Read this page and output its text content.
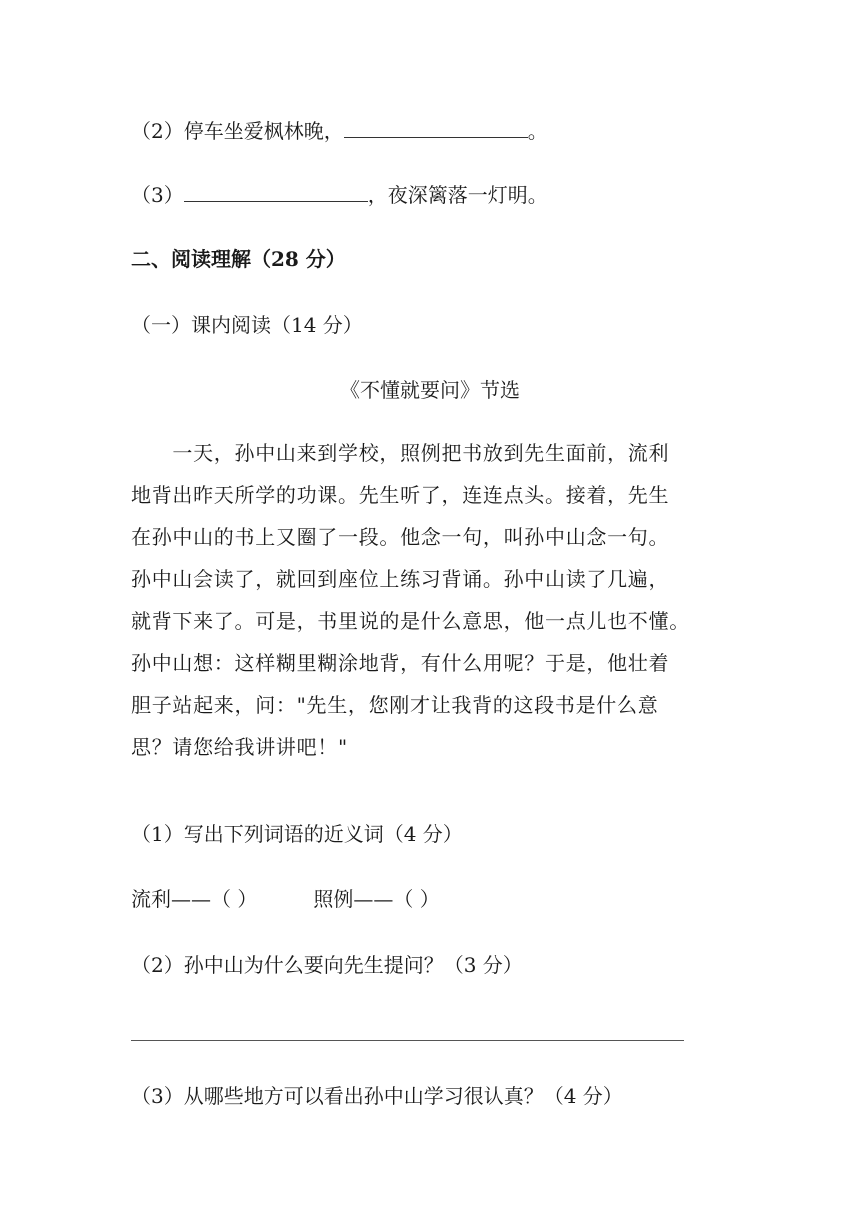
（2）停车坐爱枫林晚，	。
（3）	，夜深篱落一灯明。
二、阅读理解（28 分）
（一）课内阅读（14 分）
《不懂就要问》节选
　　一天，孙中山来到学校，照例把书放到先生面前，流利
地背出昨天所学的功课。先生听了，连连点头。接着，先生
在孙中山的书上又圈了一段。他念一句，叫孙中山念一句。
孙中山会读了，就回到座位上练习背诵。孙中山读了几遍，
就背下来了。可是，书里说的是什么意思，他一点儿也不懂。
孙中山想：这样糊里糊涂地背，有什么用呢？于是，他壮着
胆子站起来，问："先生，您刚才让我背的这段书是什么意
思？请您给我讲讲吧！"
（1）写出下列词语的近义词（4 分）
流利——（ ）	照例——（ ）
（2）孙中山为什么要向先生提问？（3 分）
（3）从哪些地方可以看出孙中山学习很认真？（4 分）
